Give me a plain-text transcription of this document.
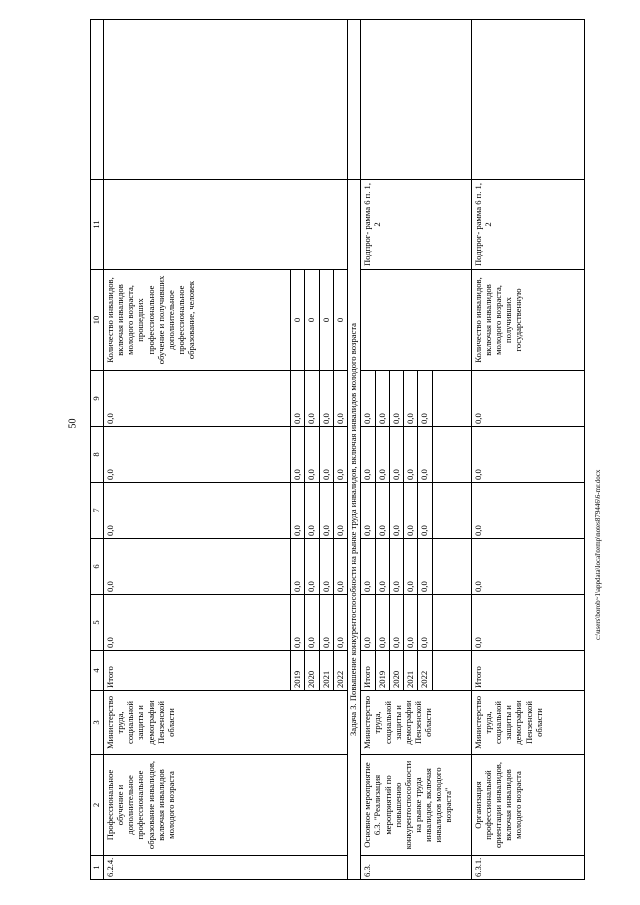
50
c:\users\borob~1\appdata\local\temp\notes879446\6-mr.docx
1	2	3	4	5	6	7	8	9	10	11	
6.2.4.	Профессиональное обучение и дополнительное профессиональное образование инвалидов, включая инвалидов молодого возраста	Министерство труда, социальной защиты и демографии Пензенской области	Итого	0,0	0,0	0,0	0,0	0,0	Количество инвалидов, включая инвалидов молодого возраста, прошедших профессиональное обучение и получивших дополнительное профессиональное образование, человек		
			2019	0,0	0,0	0,0	0,0	0,0	0		
			2020	0,0	0,0	0,0	0,0	0,0	0		
			2021	0,0	0,0	0,0	0,0	0,0	0		
			2022	0,0	0,0	0,0	0,0	0,0	0		
Задача 3. Повышение конкурентоспособности на рынке труда инвалидов, включая инвалидов молодого возраста											
6.3.	Основное мероприятие 6.3. "Реализация мероприятий по повышению конкурентоспособности на рынке труда инвалидов, включая инвалидов молодого возраста"	Министерство труда, социальной защиты и демографии Пензенской области	Итого	0,0	0,0	0,0	0,0	0,0		Подпрог- рамма 6 п. 1, 2	
			2019	0,0	0,0	0,0	0,0	0,0			
			2020	0,0	0,0	0,0	0,0	0,0			
			2021	0,0	0,0	0,0	0,0	0,0			
			2022	0,0	0,0	0,0	0,0	0,0			

6.3.1.	Организация профессиональной ориентации инвалидов, включая инвалидов молодого возраста	Министерство труда, социальной защиты и демографии Пензенской области	Итого	0,0	0,0	0,0	0,0	0,0	Количество инвалидов, включая инвалидов молодого возраста, получивших государственную	Подпрог- рамма 6 п. 1, 2	
